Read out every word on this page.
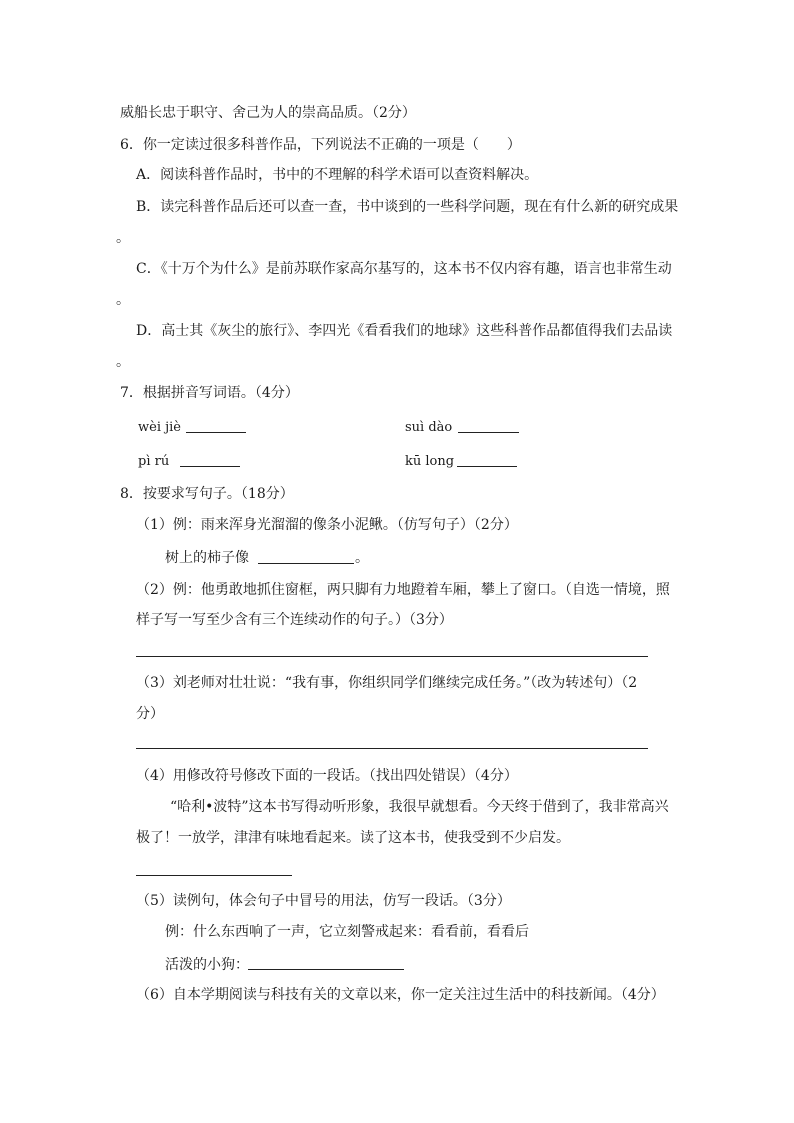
威船长忠于职守、舍己为人的崇高品质。（2分）
6．你一定读过很多科普作品，下列说法不正确的一项是（　　）
A．阅读科普作品时，书中的不理解的科学术语可以查资料解决。
B．读完科普作品后还可以查一查，书中谈到的一些科学问题，现在有什么新的研究成果
。
C．《十万个为什么》是前苏联作家高尔基写的，这本书不仅内容有趣，语言也非常生动
。
D．高士其《灰尘的旅行》、李四光《看看我们的地球》这些科普作品都值得我们去品读
。
7．根据拼音写词语。（4分）
wèi jiè	suì dào
pì rú	kū long
8．按要求写句子。（18分）
（1）例：雨来浑身光溜溜的像条小泥鳅。（仿写句子）（2分）
树上的柿子像	。
（2）例：他勇敢地抓住窗框，两只脚有力地蹬着车厢，攀上了窗口。（自选一情境，照
样子写一写至少含有三个连续动作的句子。）（3分）
（3）刘老师对壮壮说：“我有事，你组织同学们继续完成任务。”（改为转述句）（2
分）
（4）用修改符号修改下面的一段话。（找出四处错误）（4分）
“哈利•波特”这本书写得动听形象，我很早就想看。今天终于借到了，我非常高兴
极了！一放学，津津有味地看起来。读了这本书，使我受到不少启发。
（5）读例句，体会句子中冒号的用法，仿写一段话。（3分）
例：什么东西响了一声，它立刻警戒起来：看看前，看看后
活泼的小狗：
（6）自本学期阅读与科技有关的文章以来，你一定关注过生活中的科技新闻。（4分）
